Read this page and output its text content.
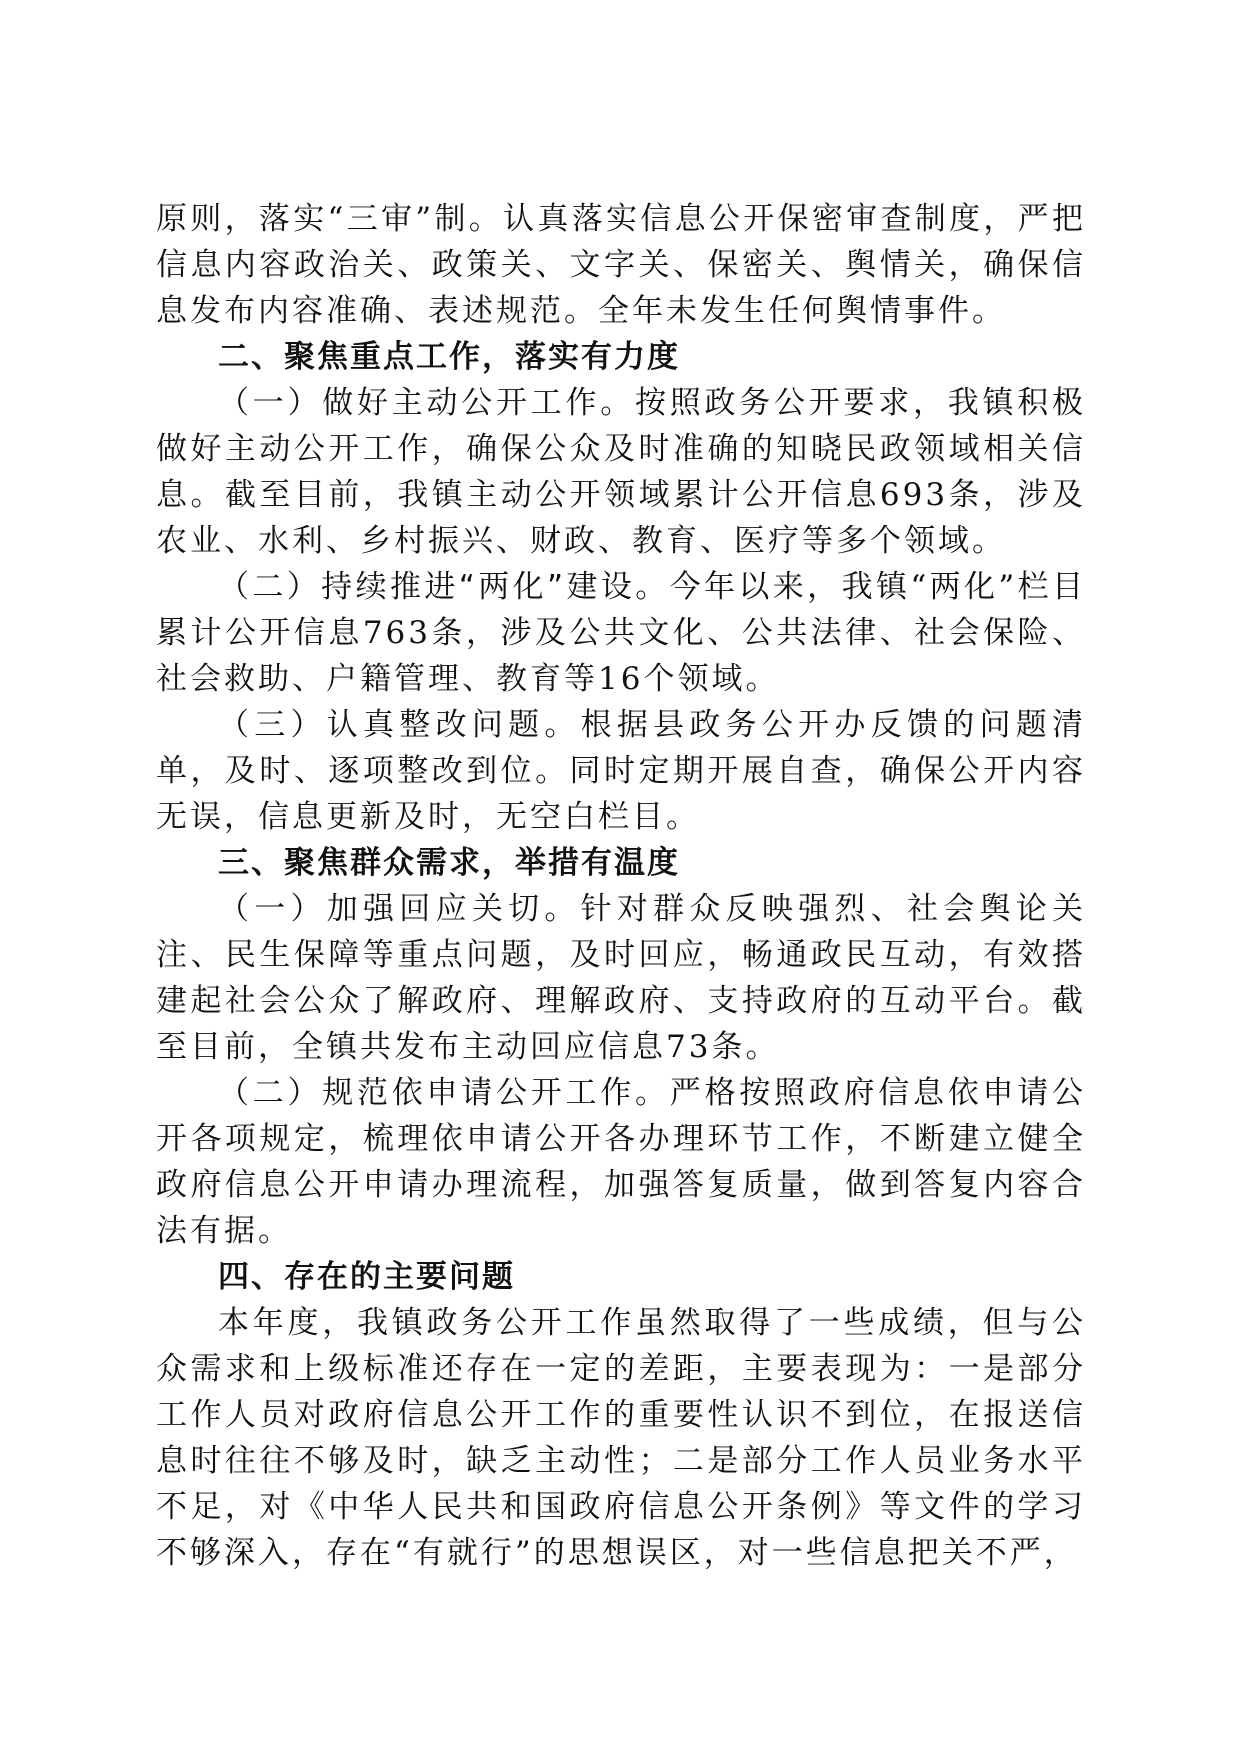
原则，落实“三审”制。认真落实信息公开保密审查制度，严把信息内容政治关、政策关、文字关、保密关、舆情关，确保信息发布内容准确、表述规范。全年未发生任何舆情事件。

二、聚焦重点工作，落实有力度

（一）做好主动公开工作。按照政务公开要求，我镇积极做好主动公开工作，确保公众及时准确的知晓民政领域相关信息。截至目前，我镇主动公开领域累计公开信息693条，涉及农业、水利、乡村振兴、财政、教育、医疗等多个领域。

（二）持续推进“两化”建设。今年以来，我镇“两化”栏目累计公开信息763条，涉及公共文化、公共法律、社会保险、社会救助、户籍管理、教育等16个领域。

（三）认真整改问题。根据县政务公开办反馈的问题清单，及时、逐项整改到位。同时定期开展自查，确保公开内容无误，信息更新及时，无空白栏目。

三、聚焦群众需求，举措有温度

（一）加强回应关切。针对群众反映强烈、社会舆论关注、民生保障等重点问题，及时回应，畅通政民互动，有效搭建起社会公众了解政府、理解政府、支持政府的互动平台。截至目前，全镇共发布主动回应信息73条。

（二）规范依申请公开工作。严格按照政府信息依申请公开各项规定，梳理依申请公开各办理环节工作，不断建立健全政府信息公开申请办理流程，加强答复质量，做到答复内容合法有据。

四、存在的主要问题

本年度，我镇政务公开工作虽然取得了一些成绩，但与公众需求和上级标准还存在一定的差距，主要表现为：一是部分工作人员对政府信息公开工作的重要性认识不到位，在报送信息时往往不够及时，缺乏主动性；二是部分工作人员业务水平不足，对《中华人民共和国政府信息公开条例》等文件的学习不够深入，存在“有就行”的思想误区，对一些信息把关不严，
